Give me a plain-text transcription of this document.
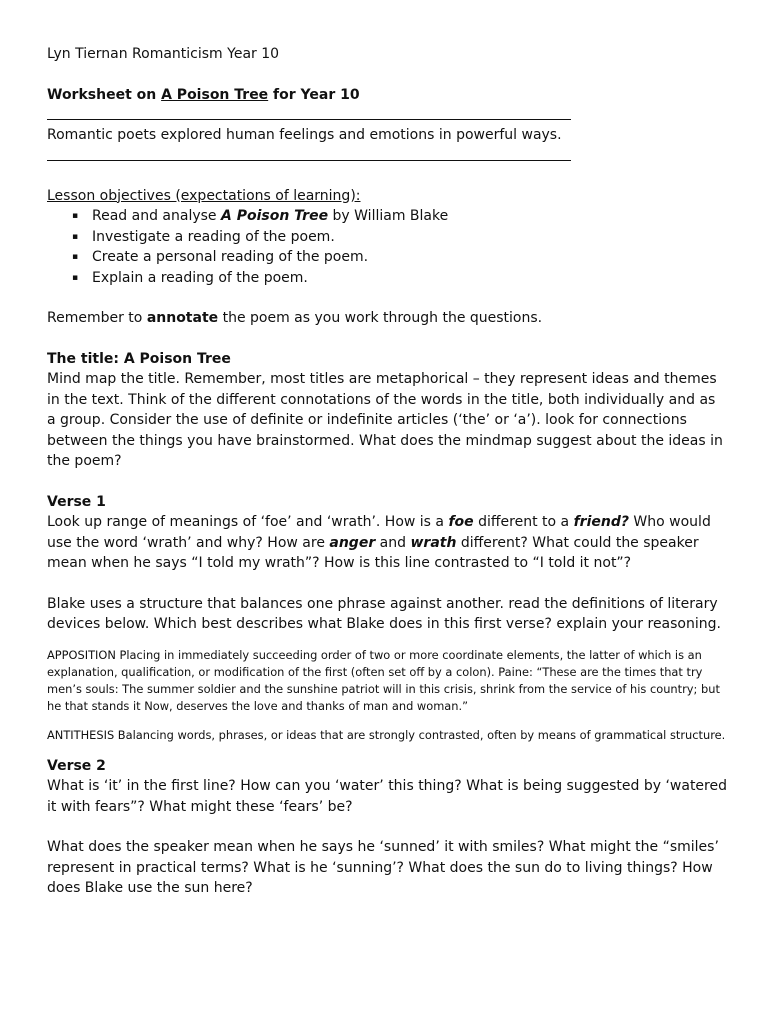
Lyn Tiernan Romanticism Year 10

Worksheet on A Poison Tree for Year 10

Romantic poets explored human feelings and emotions in powerful ways.

Lesson objectives (expectations of learning):

▪ Read and analyse A Poison Tree by William Blake
▪ Investigate a reading of the poem.
▪ Create a personal reading of the poem.
▪ Explain a reading of the poem.

Remember to annotate the poem as you work through the questions.

The title: A Poison Tree

Mind map the title. Remember, most titles are metaphorical – they represent ideas and themes in the text. Think of the different connotations of the words in the title, both individually and as a group. Consider the use of definite or indefinite articles (‘the’ or ‘a’). look for connections between the things you have brainstormed. What does the mindmap suggest about the ideas in the poem?

Verse 1

Look up range of meanings of ‘foe’ and ‘wrath’. How is a foe different to a friend? Who would use the word ‘wrath’ and why? How are anger and wrath different? What could the speaker mean when he says “I told my wrath”? How is this line contrasted to “I told it not”?

Blake uses a structure that balances one phrase against another. read the definitions of literary devices below. Which best describes what Blake does in this first verse? explain your reasoning.

APPOSITION Placing in immediately succeeding order of two or more coordinate elements, the latter of which is an explanation, qualification, or modification of the first (often set off by a colon). Paine: “These are the times that try men’s souls: The summer soldier and the sunshine patriot will in this crisis, shrink from the service of his country; but he that stands it Now, deserves the love and thanks of man and woman.”

ANTITHESIS Balancing words, phrases, or ideas that are strongly contrasted, often by means of grammatical structure.

Verse 2

What is ‘it’ in the first line? How can you ‘water’ this thing? What is being suggested by ‘watered it with fears”? What might these ‘fears’ be?

What does the speaker mean when he says he ‘sunned’ it with smiles? What might the “smiles’ represent in practical terms? What is he ‘sunning’? What does the sun do to living things? How does Blake use the sun here?
